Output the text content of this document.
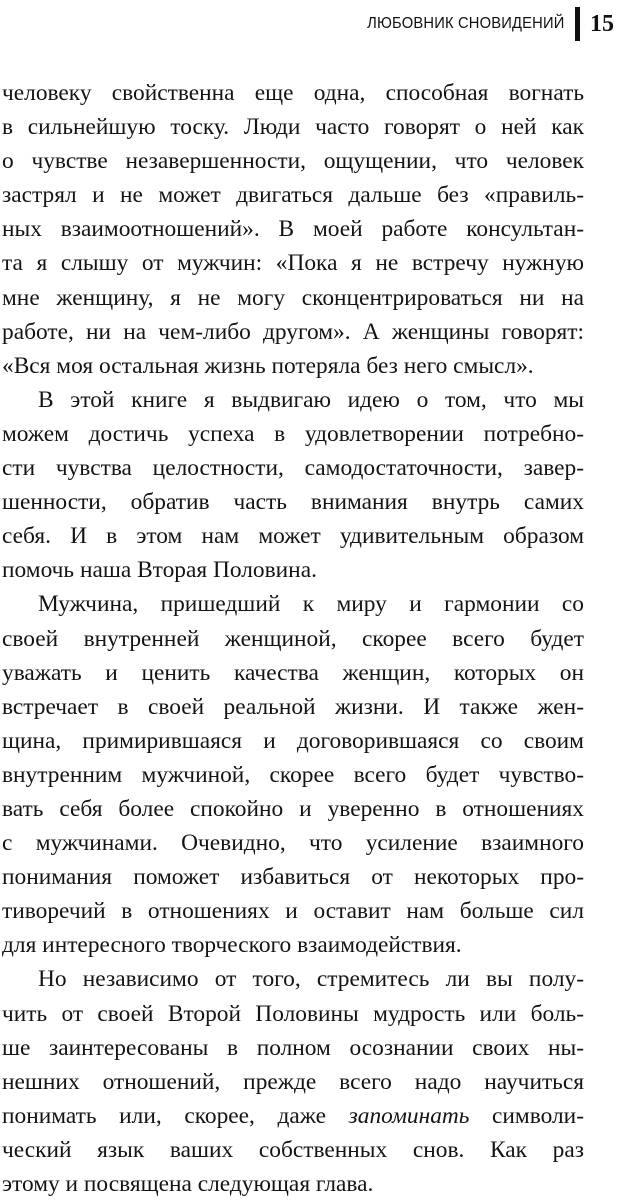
ЛЮБОВНИК СНОВИДЕНИЙ 15
человеку свойственна еще одна, способная вогнать
в сильнейшую тоску. Люди часто говорят о ней как
о чувстве незавершенности, ощущении, что человек
застрял и не может двигаться дальше без «правиль-
ных взаимоотношений». В моей работе консультан-
та я слышу от мужчин: «Пока я не встречу нужную
мне женщину, я не могу сконцентрироваться ни на
работе, ни на чем-либо другом». А женщины говорят:
«Вся моя остальная жизнь потеряла без него смысл».
В этой книге я выдвигаю идею о том, что мы
можем достичь успеха в удовлетворении потребно-
сти чувства целостности, самодостаточности, завер-
шенности, обратив часть внимания внутрь самих
себя. И в этом нам может удивительным образом
помочь наша Вторая Половина.
Мужчина, пришедший к миру и гармонии со
своей внутренней женщиной, скорее всего будет
уважать и ценить качества женщин, которых он
встречает в своей реальной жизни. И также жен-
щина, примирившаяся и договорившаяся со своим
внутренним мужчиной, скорее всего будет чувство-
вать себя более спокойно и уверенно в отношениях
с мужчинами. Очевидно, что усиление взаимного
понимания поможет избавиться от некоторых про-
тиворечий в отношениях и оставит нам больше сил
для интересного творческого взаимодействия.
Но независимо от того, стремитесь ли вы полу-
чить от своей Второй Половины мудрость или боль-
ше заинтересованы в полном осознании своих ны-
нешних отношений, прежде всего надо научиться
понимать или, скорее, даже запоминать символи-
ческий язык ваших собственных снов. Как раз
этому и посвящена следующая глава.
